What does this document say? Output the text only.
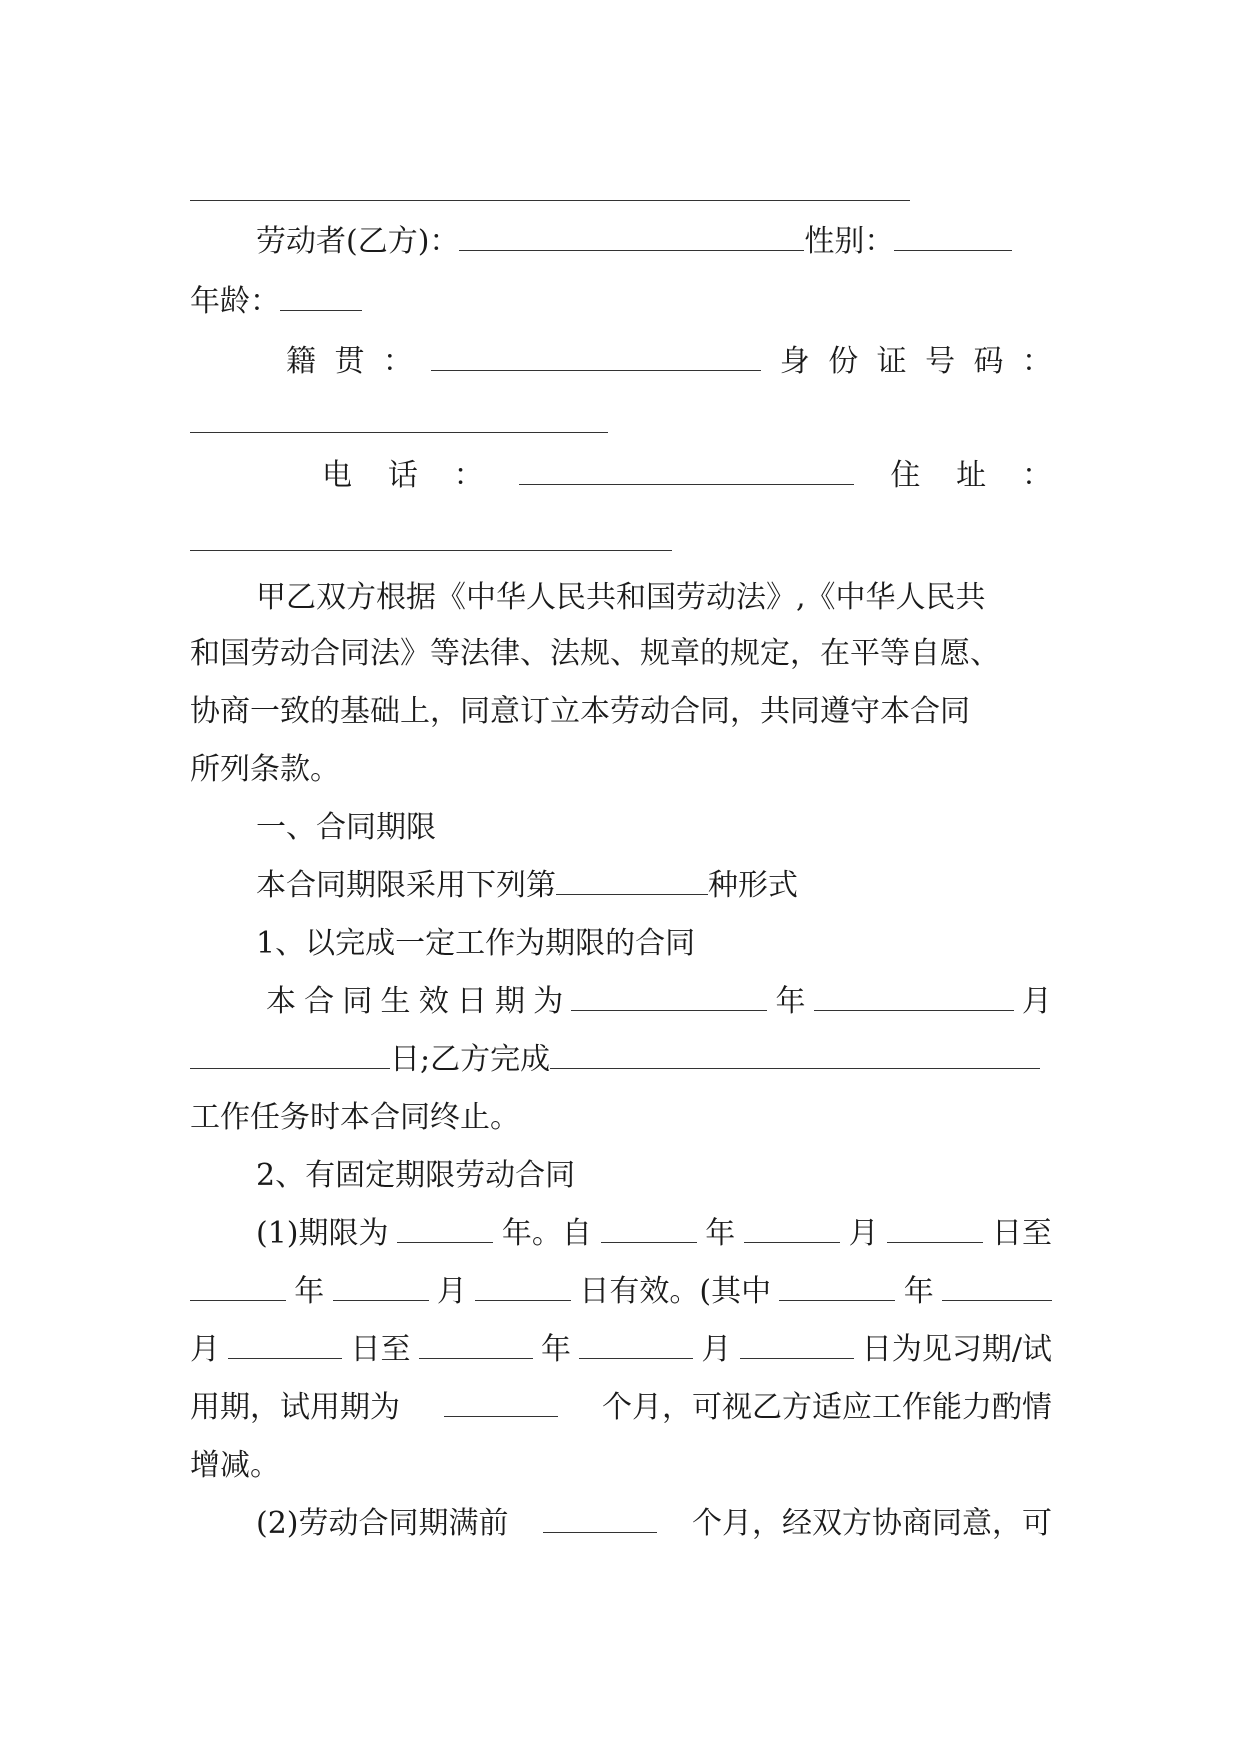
劳动者(乙方)：	性别：
年龄：
籍 贯 ：	身 份 证 号 码 ：
电 话 ：	住 址 ：
甲乙双方根据《中华人民共和国劳动法》,《中华人民共
和国劳动合同法》等法律、法规、规章的规定，在平等自愿、
协商一致的基础上，同意订立本劳动合同，共同遵守本合同
所列条款。
一、合同期限
本合同期限采用下列第	种形式
1、以完成一定工作为期限的合同
本 合 同 生 效 日 期 为	年	月
日;乙方完成
工作任务时本合同终止。
2、有固定期限劳动合同
(1)期限为	年。自	年	月	日至
年	月	日有效。(其中	年
月	日至	年	月	日为见习期/试
用期，试用期为	个月，可视乙方适应工作能力酌情
增减。
(2)劳动合同期满前	个月，经双方协商同意，可
